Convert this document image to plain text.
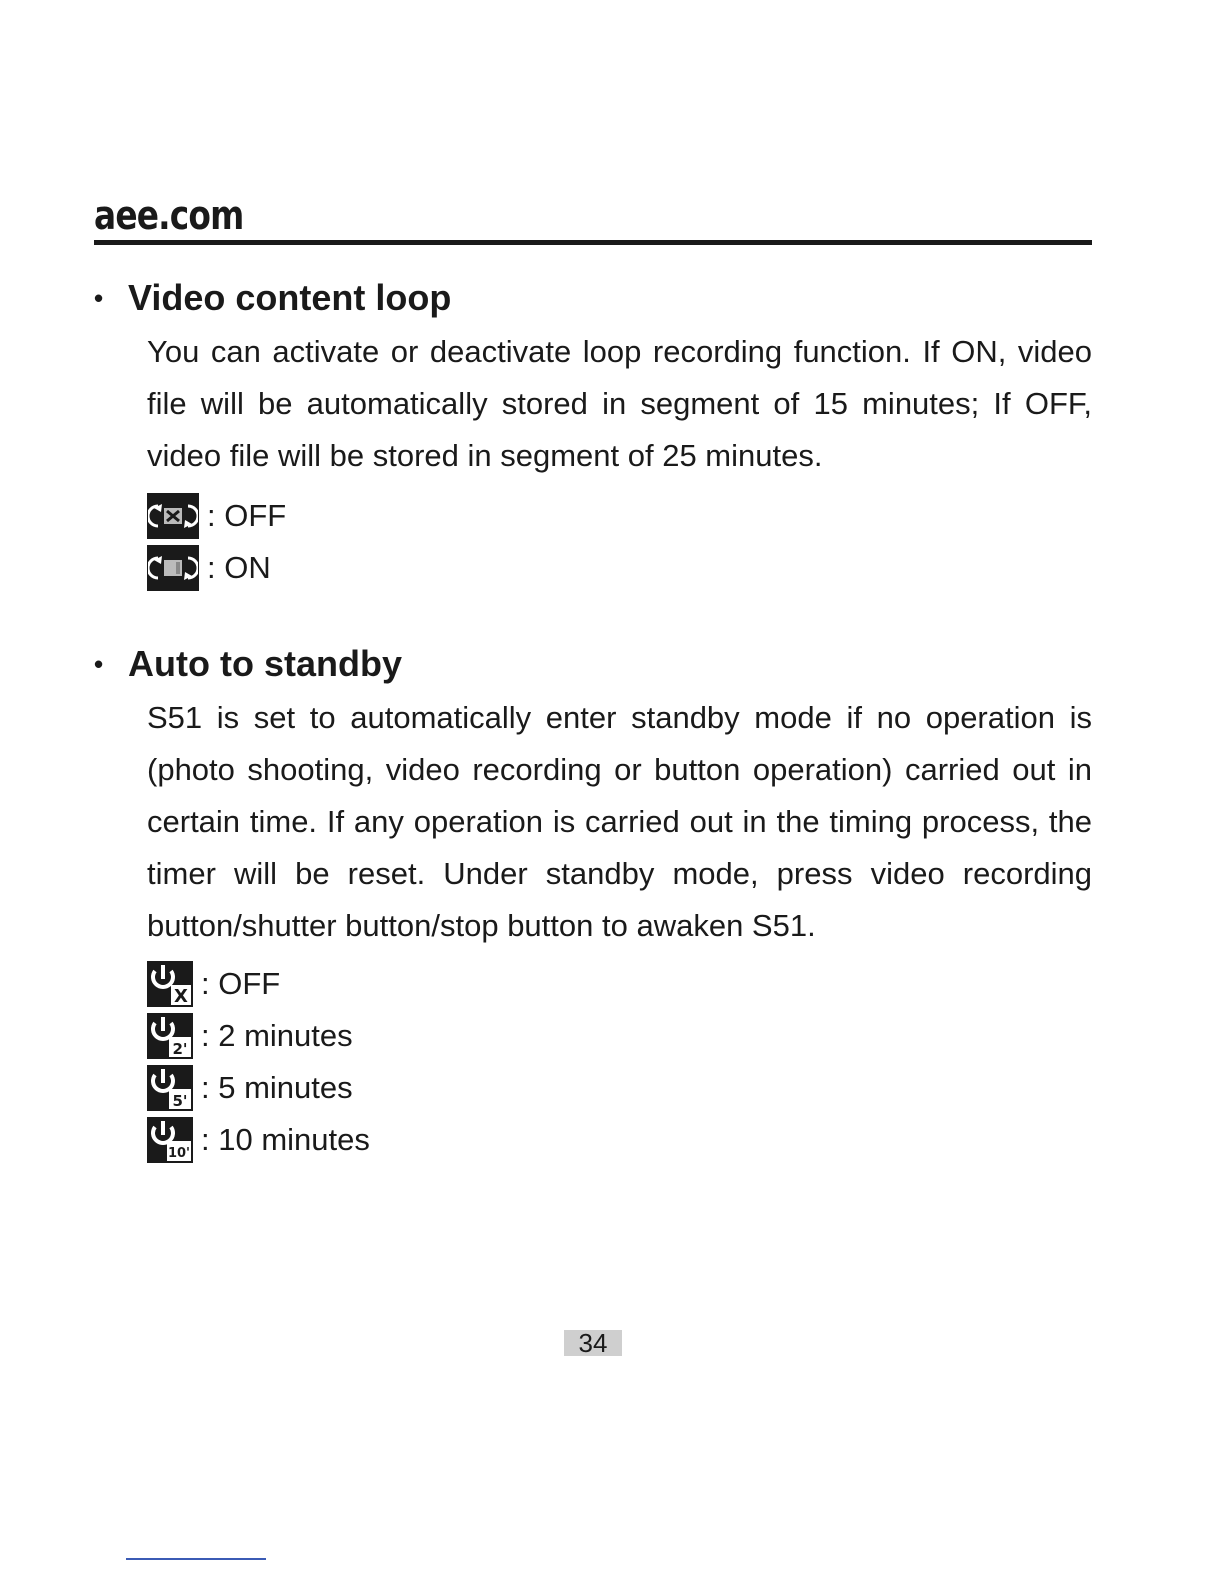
aee.com
• Video content loop
You can activate or deactivate loop recording function. If ON, video file will be automatically stored in segment of 15 minutes; If OFF, video file will be stored in segment of 25 minutes.
: OFF
: ON
• Auto to standby
S51 is set to automatically enter standby mode if no operation is (photo shooting, video recording or button operation) carried out in certain time. If any operation is carried out in the timing process, the timer will be reset. Under standby mode, press video recording button/shutter button/stop button to awaken S51.
X : OFF
2' : 2 minutes
5' : 5 minutes
10' : 10 minutes
34
